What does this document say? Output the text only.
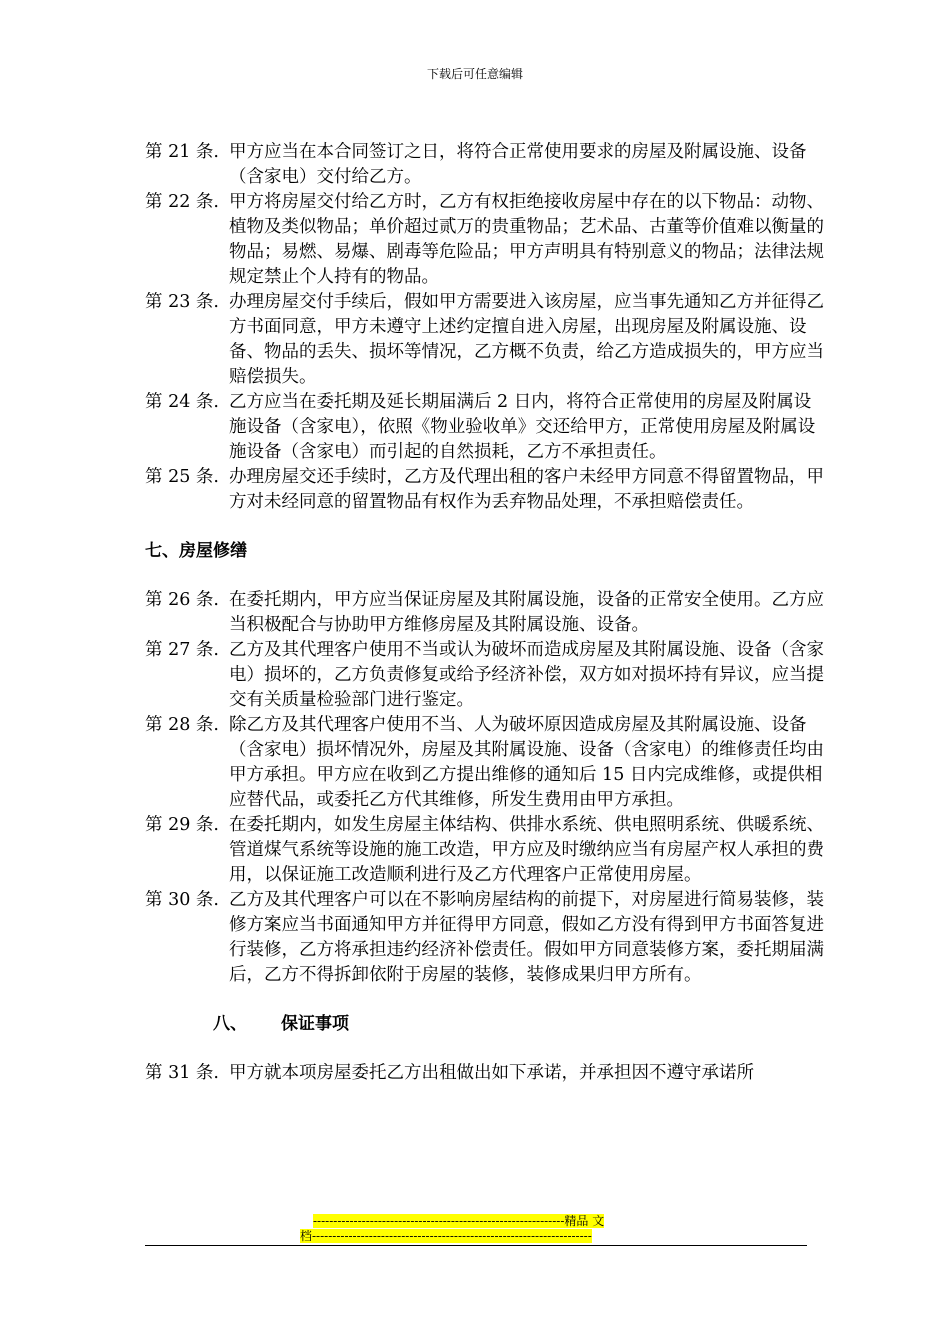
下载后可任意编辑
第 21 条. 甲方应当在本合同签订之日，将符合正常使用要求的房屋及附属设施、设备（含家电）交付给乙方。
第 22 条. 甲方将房屋交付给乙方时，乙方有权拒绝接收房屋中存在的以下物品：动物、植物及类似物品；单价超过贰万的贵重物品；艺术品、古董等价值难以衡量的物品；易燃、易爆、剧毒等危险品；甲方声明具有特别意义的物品；法律法规规定禁止个人持有的物品。
第 23 条. 办理房屋交付手续后，假如甲方需要进入该房屋，应当事先通知乙方并征得乙方书面同意，甲方未遵守上述约定擅自进入房屋，出现房屋及附属设施、设备、物品的丢失、损坏等情况，乙方概不负责，给乙方造成损失的，甲方应当赔偿损失。
第 24 条. 乙方应当在委托期及延长期届满后 2 日内，将符合正常使用的房屋及附属设施设备（含家电），依照《物业验收单》交还给甲方，正常使用房屋及附属设施设备（含家电）而引起的自然损耗，乙方不承担责任。
第 25 条. 办理房屋交还手续时，乙方及代理出租的客户未经甲方同意不得留置物品，甲方对未经同意的留置物品有权作为丢弃物品处理，不承担赔偿责任。
七、房屋修缮
第 26 条. 在委托期内，甲方应当保证房屋及其附属设施，设备的正常安全使用。乙方应当积极配合与协助甲方维修房屋及其附属设施、设备。
第 27 条. 乙方及其代理客户使用不当或认为破坏而造成房屋及其附属设施、设备（含家电）损坏的，乙方负责修复或给予经济补偿，双方如对损坏持有异议，应当提交有关质量检验部门进行鉴定。
第 28 条. 除乙方及其代理客户使用不当、人为破坏原因造成房屋及其附属设施、设备（含家电）损坏情况外，房屋及其附属设施、设备（含家电）的维修责任均由甲方承担。甲方应在收到乙方提出维修的通知后 15 日内完成维修，或提供相应替代品，或委托乙方代其维修，所发生费用由甲方承担。
第 29 条. 在委托期内，如发生房屋主体结构、供排水系统、供电照明系统、供暖系统、管道煤气系统等设施的施工改造，甲方应及时缴纳应当有房屋产权人承担的费用，以保证施工改造顺利进行及乙方代理客户正常使用房屋。
第 30 条. 乙方及其代理客户可以在不影响房屋结构的前提下，对房屋进行简易装修，装修方案应当书面通知甲方并征得甲方同意，假如乙方没有得到甲方书面答复进行装修，乙方将承担违约经济补偿责任。假如甲方同意装修方案，委托期届满后，乙方不得拆卸依附于房屋的装修，装修成果归甲方所有。
八、 保证事项
第 31 条. 甲方就本项房屋委托乙方出租做出如下承诺，并承担因不遵守承诺所
--------------------------------------------------------------精品 文
档---------------------------------------------------------------------
